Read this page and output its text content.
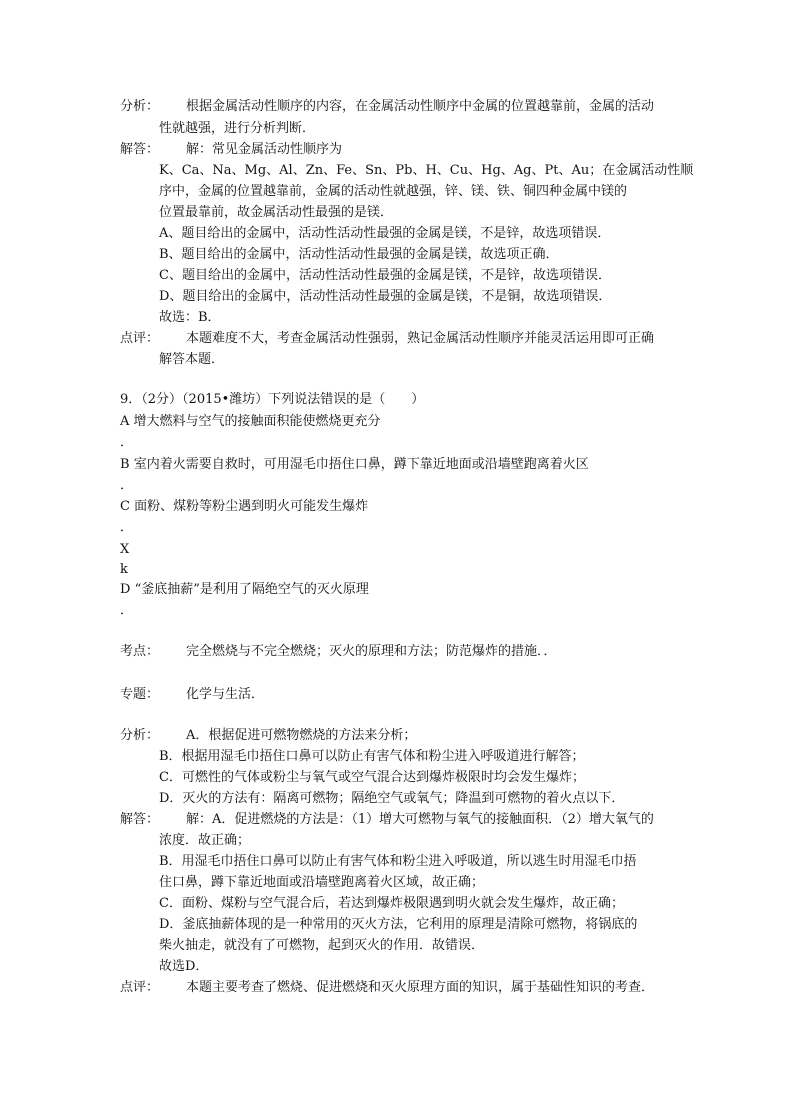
分析： 根据金属活动性顺序的内容，在金属活动性顺序中金属的位置越靠前，金属的活动
性就越强，进行分析判断．
解答： 解：常见金属活动性顺序为
K、Ca、Na、Mg、Al、Zn、Fe、Sn、Pb、H、Cu、Hg、Ag、Pt、Au；在金属活动性顺
序中，金属的位置越靠前，金属的活动性就越强，锌、镁、铁、铜四种金属中镁的
位置最靠前，故金属活动性最强的是镁．
A、题目给出的金属中，活动性活动性最强的金属是镁，不是锌，故选项错误．
B、题目给出的金属中，活动性活动性最强的金属是镁，故选项正确．
C、题目给出的金属中，活动性活动性最强的金属是镁，不是锌，故选项错误．
D、题目给出的金属中，活动性活动性最强的金属是镁，不是铜，故选项错误．
故选：B．
点评： 本题难度不大，考查金属活动性强弱，熟记金属活动性顺序并能灵活运用即可正确
解答本题．
9．（2分）（2015•潍坊）下列说法错误的是（　　）
A 增大燃料与空气的接触面积能使燃烧更充分
．
B 室内着火需要自救时，可用湿毛巾捂住口鼻，蹲下靠近地面或沿墙壁跑离着火区
．
C 面粉、煤粉等粉尘遇到明火可能发生爆炸
．
X
k
D “釜底抽薪”是利用了隔绝空气的灭火原理
．
考点： 完全燃烧与不完全燃烧；灭火的原理和方法；防范爆炸的措施．．
专题： 化学与生活．
分析： A．根据促进可燃物燃烧的方法来分析；
B．根据用湿毛巾捂住口鼻可以防止有害气体和粉尘进入呼吸道进行解答；
C．可燃性的气体或粉尘与氧气或空气混合达到爆炸极限时均会发生爆炸；
D．灭火的方法有：隔离可燃物；隔绝空气或氧气；降温到可燃物的着火点以下．
解答： 解：A．促进燃烧的方法是：（1）增大可燃物与氧气的接触面积．（2）增大氧气的
浓度．故正确；
B．用湿毛巾捂住口鼻可以防止有害气体和粉尘进入呼吸道，所以逃生时用湿毛巾捂
住口鼻，蹲下靠近地面或沿墙壁跑离着火区域，故正确；
C．面粉、煤粉与空气混合后，若达到爆炸极限遇到明火就会发生爆炸，故正确；
D．釜底抽薪体现的是一种常用的灭火方法，它利用的原理是清除可燃物，将锅底的
柴火抽走，就没有了可燃物，起到灭火的作用．故错误．
故选D．
点评： 本题主要考查了燃烧、促进燃烧和灭火原理方面的知识，属于基础性知识的考查．
